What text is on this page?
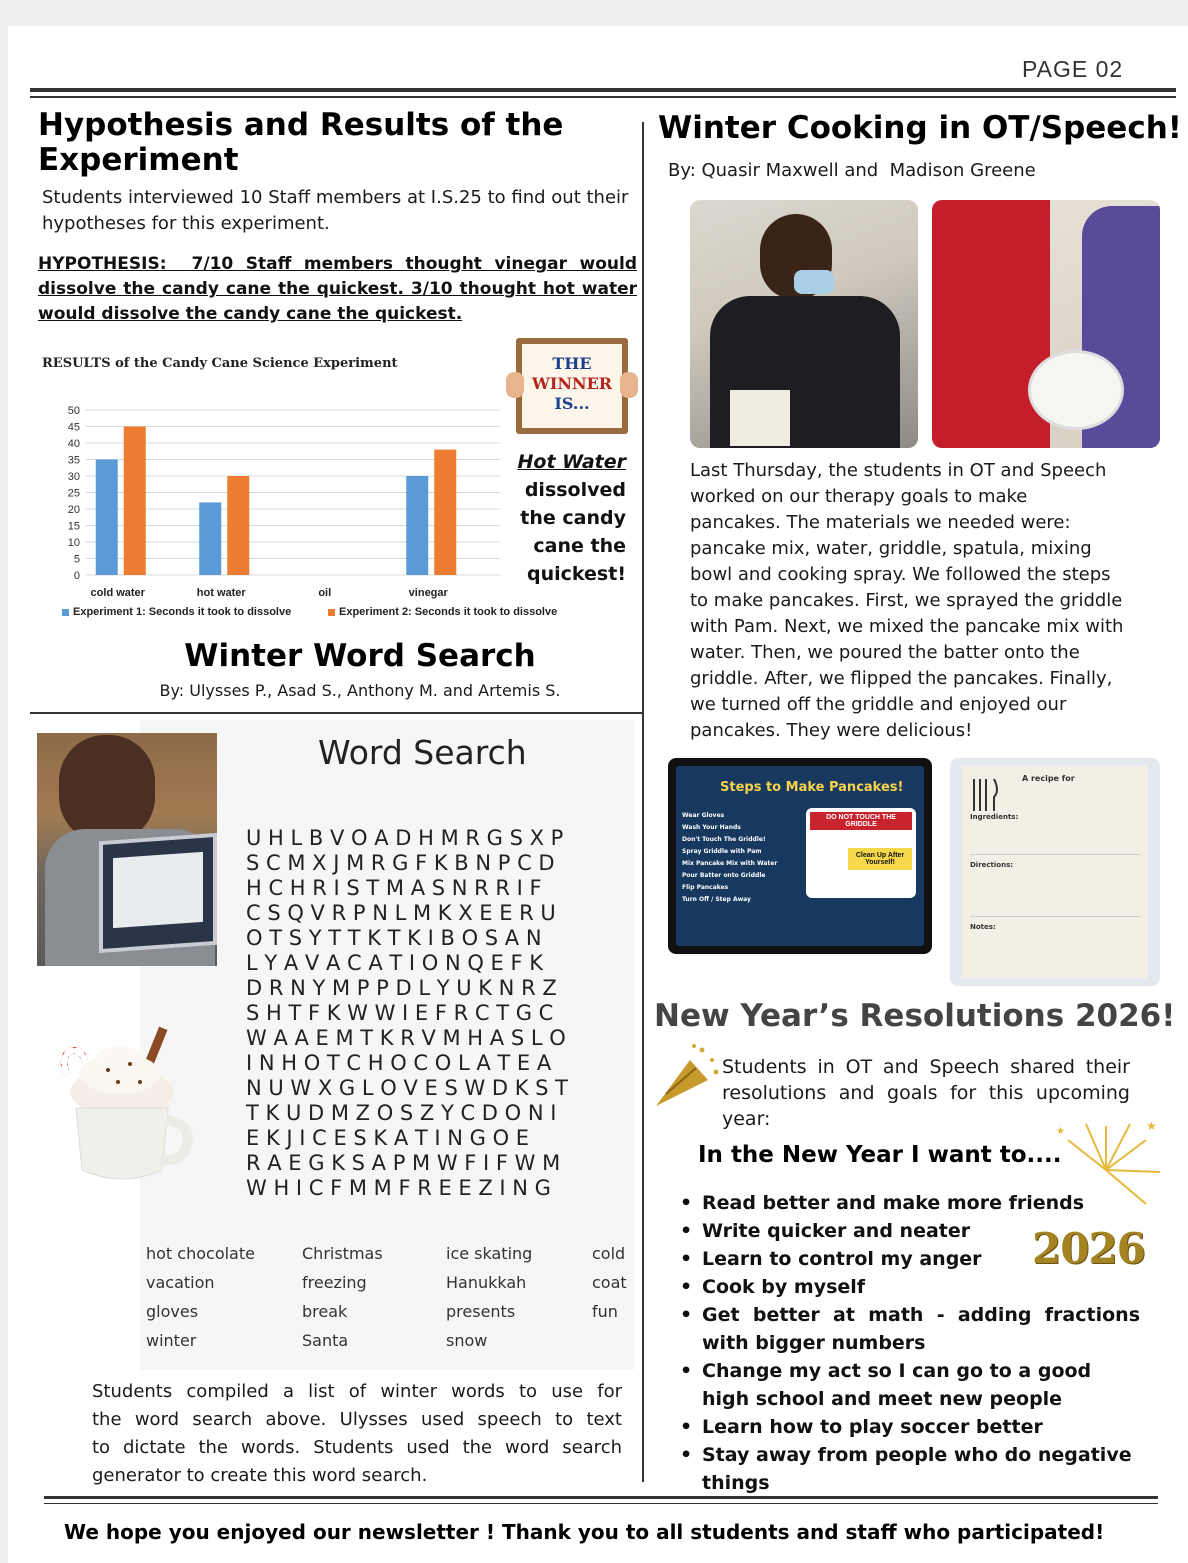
PAGE 02
Hypothesis and Results of the
Experiment
Students interviewed 10 Staff members at I.S.25 to find out their
hypotheses for this experiment.
HYPOTHESIS: 7/10 Staff members thought vinegar would
dissolve the candy cane the quickest. 3/10 thought hot water
would dissolve the candy cane the quickest.
RESULTS of the Candy Cane Science Experiment
0
5
10
15
20
25
30
35
40
45
50
cold water	hot water	oil	vinegar
Experiment 1: Seconds it took to dissolve	Experiment 2: Seconds it took to dissolve
THE
WINNER
IS...
Hot Water
dissolved
the candy
cane the
quickest!
Winter Word Search
By: Ulysses P., Asad S., Anthony M. and Artemis S.
Word Search
U H L B V O A D H M R G S X P
S C M X J M R G F K B N P C D
H C H R I S T M A S N R R I F
C S Q V R P N L M K X E E R U
O T S Y T T K T K I B O S A N
L Y A V A C A T I O N Q E F K
D R N Y M P P D L Y U K N R Z
S H T F K W W I E F R C T G C
W A A E M T K R V M H A S L O
I N H O T C H O C O L A T E A
N U W X G L O V E S W D K S T
T K U D M Z O S Z Y C D O N I
E K J I C E S K A T I N G O E
R A E G K S A P M W F I F W M
W H I C F M M F R E E Z I N G
hot chocolate	Christmas	ice skating	cold
vacation	freezing	Hanukkah	coat
gloves	break	presents	fun
winter	Santa	snow
Students compiled a list of winter words to use for
the word search above. Ulysses used speech to text
to dictate the words. Students used the word search
generator to create this word search.
Winter Cooking in OT/Speech!
By: Quasir Maxwell and  Madison Greene
Last Thursday, the students in OT and Speech
worked on our therapy goals to make
pancakes. The materials we needed were:
pancake mix, water, griddle, spatula, mixing
bowl and cooking spray. We followed the steps
to make pancakes. First, we sprayed the griddle
with Pam. Next, we mixed the pancake mix with
water. Then, we poured the batter onto the
griddle. After, we flipped the pancakes. Finally,
we turned off the griddle and enjoyed our
pancakes. They were delicious!
Steps to Make Pancakes!
Wear Gloves
Wash Your Hands
Don't Touch The Griddle!
Spray Griddle with Pam
Mix Pancake Mix with Water
Pour Batter onto Griddle
Flip Pancakes
Turn Off / Step Away
DO NOT TOUCH THE GRIDDLE
Clean Up After Yourself!
A recipe for
Ingredients:
Directions:
Notes:
New Year’s Resolutions 2026!
Students in OT and Speech shared their
resolutions and goals for this upcoming
year:
In the New Year I want to....
★
★
2026
• Read better and make more friends
• Write quicker and neater
• Learn to control my anger
• Cook by myself
• Get better at math - adding fractions with bigger numbers
• Change my act so I can go to a good high school and meet new people
• Learn how to play soccer better
• Stay away from people who do negative things
We hope you enjoyed our newsletter ! Thank you to all students and staff who participated!
